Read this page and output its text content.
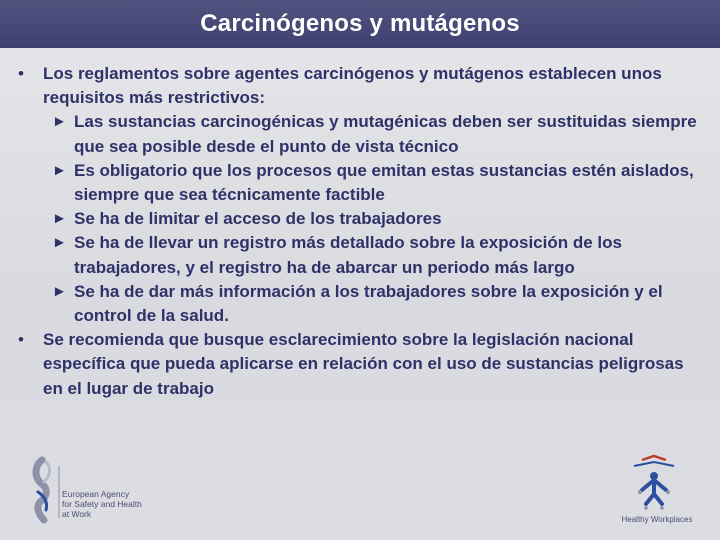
Carcinógenos y mutágenos
• Los reglamentos sobre agentes carcinógenos y mutágenos establecen unos requisitos más restrictivos:
► Las sustancias carcinogénicas y mutagénicas deben ser sustituidas siempre que sea posible desde el punto de vista técnico
► Es obligatorio que los procesos que emitan estas sustancias estén aislados, siempre que sea técnicamente factible
► Se ha de limitar el acceso de los trabajadores
► Se ha de llevar un registro más detallado sobre la exposición de los trabajadores, y el registro ha de abarcar un periodo más largo
► Se ha de dar más información a los trabajadores sobre la exposición y el control de la salud.
• Se recomienda que busque esclarecimiento sobre la legislación nacional específica que pueda aplicarse en relación con el uso de sustancias peligrosas en el lugar de trabajo
European Agency
for Safety and Health
at Work
Healthy Workplaces
